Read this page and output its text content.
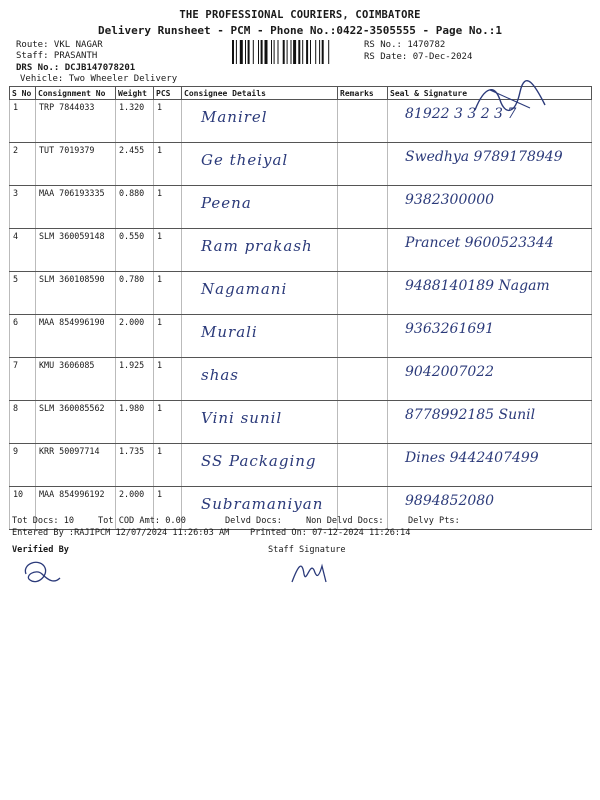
THE PROFESSIONAL COURIERS, COIMBATORE
Delivery Runsheet - PCM - Phone No.:0422-3505555 - Page No.:1
Route: VKL NAGAR
Staff: PRASANTH
DRS No.: DCJB147078201
Vehicle: Two Wheeler Delivery
RS No.: 1470782
RS Date: 07-Dec-2024
S No	Consignment No	Weight	PCS	Consignee Details	Remarks	Seal & Signature
1	TRP 7844033	1.320	1	Manirel		81922 3 3 2 3 7

2	TUT 7019379	2.455	1	Ge theiyal		Swedhya 9789178949

3	MAA 706193335	0.880	1	Peena		9382300000

4	SLM 360059148	0.550	1	Ram prakash		Prancet 9600523344

5	SLM 360108590	0.780	1	Nagamani		9488140189 Nagam

6	MAA 854996190	2.000	1	Murali		9363261691

7	KMU 3606085	1.925	1	shas		9042007022

8	SLM 360085562	1.980	1	Vini sunil		8778992185 Sunil

9	KRR 50097714	1.735	1	SS Packaging		Dines 9442407499

10	MAA 854996192	2.000	1	Subramaniyan		9894852080
Tot Docs: 10	Tot COD Amt: 0.00	Delvd Docs:	Non Delvd Docs:	Delvy Pts:
Entered By :RAJIPCM 12/07/2024 11:26:03 AM Printed On: 07-12-2024 11:26:14
Verified By	Staff Signature
